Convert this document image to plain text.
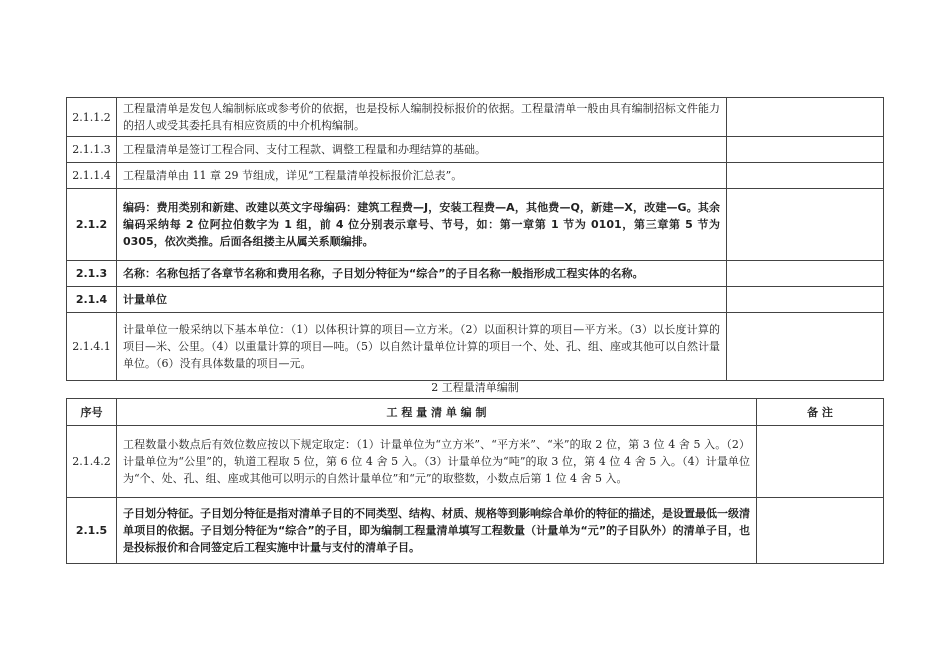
2.1.1.2	工程量清单是发包人编制标底或参考价的依据，也是投标人编制投标报价的依据。工程量清单一般由具有编制招标文件能力的招人或受其委托具有相应资质的中介机构编制。	
2.1.1.3	工程量清单是签订工程合同、支付工程款、调整工程量和办理结算的基础。	
2.1.1.4	工程量清单由 11 章 29 节组成，详见“工程量清单投标报价汇总表”。	
2.1.2	编码：费用类别和新建、改建以英文字母编码：建筑工程费—J，安装工程费—A，其他费—Q，新建—X，改建—G。其余编码采纳每 2 位阿拉伯数字为 1 组，前 4 位分别表示章号、节号，如：第一章第 1 节为 0101，第三章第 5 节为 0305，依次类推。后面各组搂主从属关系顺编排。	
2.1.3	名称：名称包括了各章节名称和费用名称，子目划分特征为“综合”的子目名称一般指形成工程实体的名称。	
2.1.4	计量单位	
2.1.4.1	计量单位一般采纳以下基本单位：（1）以体积计算的项目—立方米。（2）以面积计算的项目—平方米。（3）以长度计算的项目—米、公里。（4）以重量计算的项目—吨。（5）以自然计量单位计算的项目一个、处、孔、组、座或其他可以自然计量单位。（6）没有具体数量的项目—元。	
2 工程量清单编制
序号	工 程 量 清 单 编 制	备 注
2.1.4.2	工程数量小数点后有效位数应按以下规定取定：（1）计量单位为“立方米”、“平方米”、“米”的取 2 位，第 3 位 4 舍 5 入。（2）计量单位为“公里”的，轨道工程取 5 位，第 6 位 4 舍 5 入。（3）计量单位为“吨”的取 3 位，第 4 位 4 舍 5 入。（4）计量单位为“个、处、孔、组、座或其他可以明示的自然计量单位”和“元”的取整数，小数点后第 1 位 4 舍 5 入。	
2.1.5	子目划分特征。子目划分特征是指对清单子目的不同类型、结构、材质、规格等到影响综合单价的特征的描述，是设置最低一级清单项目的依据。子目划分特征为“综合”的子目，即为编制工程量清单填写工程数量（计量单为“元”的子目队外）的清单子目，也是投标报价和合同签定后工程实施中计量与支付的清单子目。	
